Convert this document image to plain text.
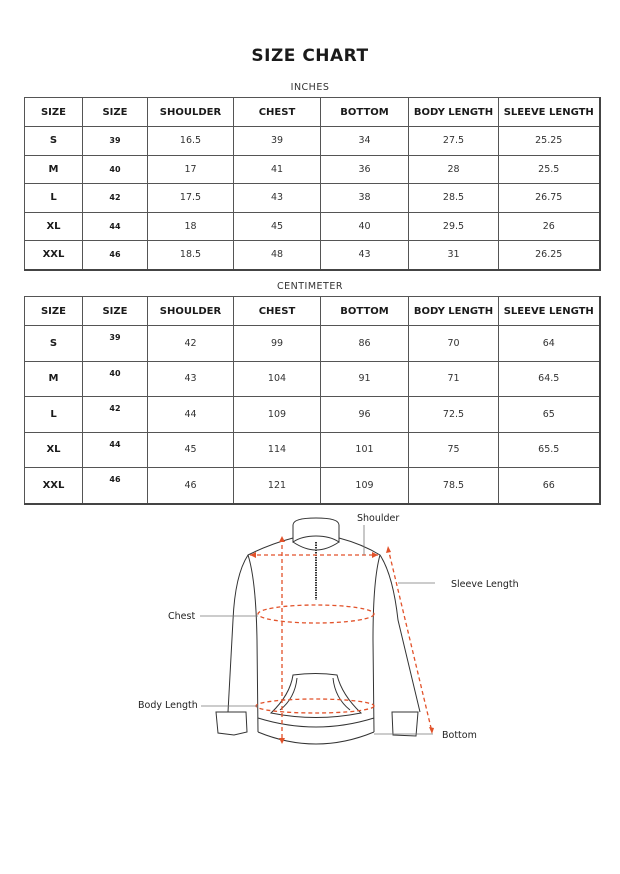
SIZE CHART
INCHES
SIZE	SIZE	SHOULDER	CHEST	BOTTOM	BODY LENGTH	SLEEVE LENGTH
S	39	16.5	39	34	27.5	25.25
M	40	17	41	36	28	25.5
L	42	17.5	43	38	28.5	26.75
XL	44	18	45	40	29.5	26
XXL	46	18.5	48	43	31	26.25
CENTIMETER
SIZE	SIZE	SHOULDER	CHEST	BOTTOM	BODY LENGTH	SLEEVE LENGTH
S	39	42	99	86	70	64
M	40	43	104	91	71	64.5
L	42	44	109	96	72.5	65
XL	44	45	114	101	75	65.5
XXL	46	46	121	109	78.5	66
Shoulder
Sleeve Length
Chest
Body Length
Bottom
